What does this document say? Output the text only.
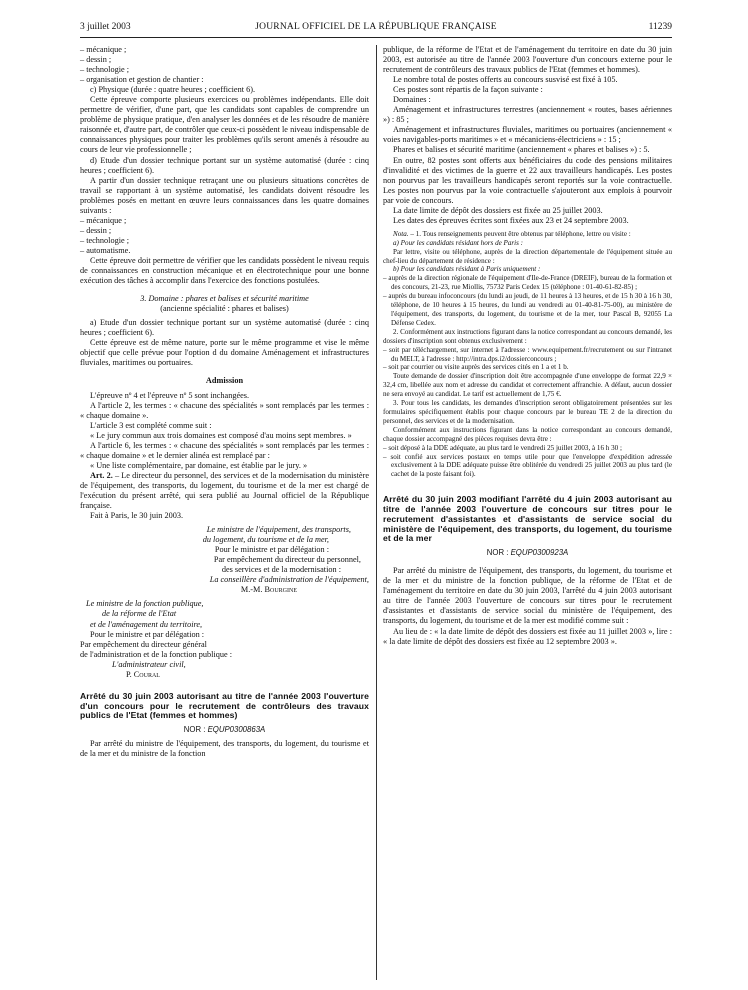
3 juillet 2003	JOURNAL OFFICIEL DE LA RÉPUBLIQUE FRANÇAISE	11239

– mécanique ;

– dessin ;

– technologie ;

– organisation et gestion de chantier :

c) Physique (durée : quatre heures ; coefficient 6).

Cette épreuve comporte plusieurs exercices ou problèmes indépendants. Elle doit permettre de vérifier, d'une part, que les candidats sont capables de comprendre un problème de physique pratique, d'en analyser les données et de les résoudre de manière raisonnée et, d'autre part, de contrôler que ceux-ci possèdent le niveau indispensable de connaissances physiques pour traiter les problèmes qu'ils seront amenés à résoudre au cours de leur vie professionnelle ;

d) Etude d'un dossier technique portant sur un système automatisé (durée : cinq heures ; coefficient 6).

A partir d'un dossier technique retraçant une ou plusieurs situations concrètes de travail se rapportant à un système automatisé, les candidats doivent résoudre les problèmes posés en mettant en œuvre leurs connaissances dans les quatre domaines suivants :

– mécanique ;

– dessin ;

– technologie ;

– automatisme.

Cette épreuve doit permettre de vérifier que les candidats possèdent le niveau requis de connaissances en construction mécanique et en électrotechnique pour une bonne exécution des tâches à accomplir dans l'exercice des fonctions postulées.

3. Domaine : phares et balises et sécurité maritime

(ancienne spécialité : phares et balises)

a) Etude d'un dossier technique portant sur un système automatisé (durée : cinq heures ; coefficient 6).

Cette épreuve est de même nature, porte sur le même programme et vise le même objectif que celle prévue pour l'option d du domaine Aménagement et infrastructures fluviales, maritimes ou portuaires.

Admission

L'épreuve nº 4 et l'épreuve nº 5 sont inchangées.

A l'article 2, les termes : « chacune des spécialités » sont remplacés par les termes : « chaque domaine ».

L'article 3 est complété comme suit :

« Le jury commun aux trois domaines est composé d'au moins sept membres. »

A l'article 6, les termes : « chacune des spécialités » sont remplacés par les termes : « chaque domaine » et le dernier alinéa est remplacé par :

« Une liste complémentaire, par domaine, est établie par le jury. »

Art. 2. – Le directeur du personnel, des services et de la modernisation du ministère de l'équipement, des transports, du logement, du tourisme et de la mer est chargé de l'exécution du présent arrêté, qui sera publié au Journal officiel de la République française.

Fait à Paris, le 30 juin 2003.

Le ministre de l'équipement, des transports,

du logement, du tourisme et de la mer,

Pour le ministre et par délégation :

Par empêchement du directeur du personnel,

des services et de la modernisation :

La conseillère d'administration de l'équipement,

M.-M. Bourgine

Le ministre de la fonction publique,

de la réforme de l'Etat

et de l'aménagement du territoire,

Pour le ministre et par délégation :

Par empêchement du directeur général

de l'administration et de la fonction publique :

L'administrateur civil,

P. Coural

Arrêté du 30 juin 2003 autorisant au titre de l'année 2003 l'ouverture d'un concours pour le recrutement de contrôleurs des travaux publics de l'Etat (femmes et hommes)

NOR : EQUP0300863A

Par arrêté du ministre de l'équipement, des transports, du logement, du tourisme et de la mer et du ministre de la fonction

publique, de la réforme de l'Etat et de l'aménagement du territoire en date du 30 juin 2003, est autorisée au titre de l'année 2003 l'ouverture d'un concours externe pour le recrutement de contrôleurs des travaux publics de l'Etat (femmes et hommes).

Le nombre total de postes offerts au concours susvisé est fixé à 105.

Ces postes sont répartis de la façon suivante :

Domaines :

Aménagement et infrastructures terrestres (anciennement « routes, bases aériennes ») : 85 ;

Aménagement et infrastructures fluviales, maritimes ou portuaires (anciennement « voies navigables-ports maritimes » et « mécaniciens-électriciens » : 15 ;

Phares et balises et sécurité maritime (anciennement « phares et balises ») : 5.

En outre, 82 postes sont offerts aux bénéficiaires du code des pensions militaires d'invalidité et des victimes de la guerre et 22 aux travailleurs handicapés. Les postes non pourvus par les travailleurs handicapés seront reportés sur la voie contractuelle. Les postes non pourvus par la voie contractuelle s'ajouteront aux emplois à pourvoir par voie de concours.

La date limite de dépôt des dossiers est fixée au 25 juillet 2003.

Les dates des épreuves écrites sont fixées aux 23 et 24 septembre 2003.

Nota. – 1. Tous renseignements peuvent être obtenus par téléphone, lettre ou visite :

a) Pour les candidats résidant hors de Paris :

Par lettre, visite ou téléphone, auprès de la direction départementale de l'équipement située au chef-lieu du département de résidence :

b) Pour les candidats résidant à Paris uniquement :

– auprès de la direction régionale de l'équipement d'Ile-de-France (DREIF), bureau de la formation et des concours, 21-23, rue Miollis, 75732 Paris Cedex 15 (téléphone : 01-40-61-82-85) ;

– auprès du bureau infoconcours (du lundi au jeudi, de 11 heures à 13 heures, et de 15 h 30 à 16 h 30, téléphone, de 10 heures à 15 heures, du lundi au vendredi au 01-40-81-75-00), au ministère de l'équipement, des transports, du logement, du tourisme et de la mer, tour Pascal B, 92055 La Défense Cedex.

2. Conformément aux instructions figurant dans la notice correspondant au concours demandé, les dossiers d'inscription sont obtenus exclusivement :

– soit par téléchargement, sur internet à l'adresse : www.equipement.fr/recrutement ou sur l'intranet du MELT, à l'adresse : http://intra.dps.i2/dossierconcours ;

– soit par courrier ou visite auprès des services cités en 1 a et 1 b.

Toute demande de dossier d'inscription doit être accompagnée d'une enveloppe de format 22,9 × 32,4 cm, libellée aux nom et adresse du candidat et correctement affranchie. A défaut, aucun dossier ne sera envoyé au candidat. Le tarif est actuellement de 1,75 €.

3. Pour tous les candidats, les demandes d'inscription seront obligatoirement présentées sur les formulaires spécifiquement établis pour chaque concours par le bureau TE 2 de la direction du personnel, des services et de la modernisation.

Conformément aux instructions figurant dans la notice correspondant au concours demandé, chaque dossier accompagné des pièces requises devra être :

– soit déposé à la DDE adéquate, au plus tard le vendredi 25 juillet 2003, à 16 h 30 ;

– soit confié aux services postaux en temps utile pour que l'enveloppe d'expédition adressée exclusivement à la DDE adéquate puisse être oblitérée du vendredi 25 juillet 2003 au plus tard (le cachet de la poste faisant foi).

Arrêté du 30 juin 2003 modifiant l'arrêté du 4 juin 2003 autorisant au titre de l'année 2003 l'ouverture de concours sur titres pour le recrutement d'assistantes et d'assistants de service social du ministère de l'équipement, des transports, du logement, du tourisme et de la mer

NOR : EQUP0300923A

Par arrêté du ministre de l'équipement, des transports, du logement, du tourisme et de la mer et du ministre de la fonction publique, de la réforme de l'Etat et de l'aménagement du territoire en date du 30 juin 2003, l'arrêté du 4 juin 2003 autorisant au titre de l'année 2003 l'ouverture de concours sur titres pour le recrutement d'assistantes et d'assistants de service social du ministère de l'équipement, des transports, du logement, du tourisme et de la mer est modifié comme suit :

Au lieu de : « la date limite de dépôt des dossiers est fixée au 11 juillet 2003 », lire : « la date limite de dépôt des dossiers est fixée au 12 septembre 2003 ».
